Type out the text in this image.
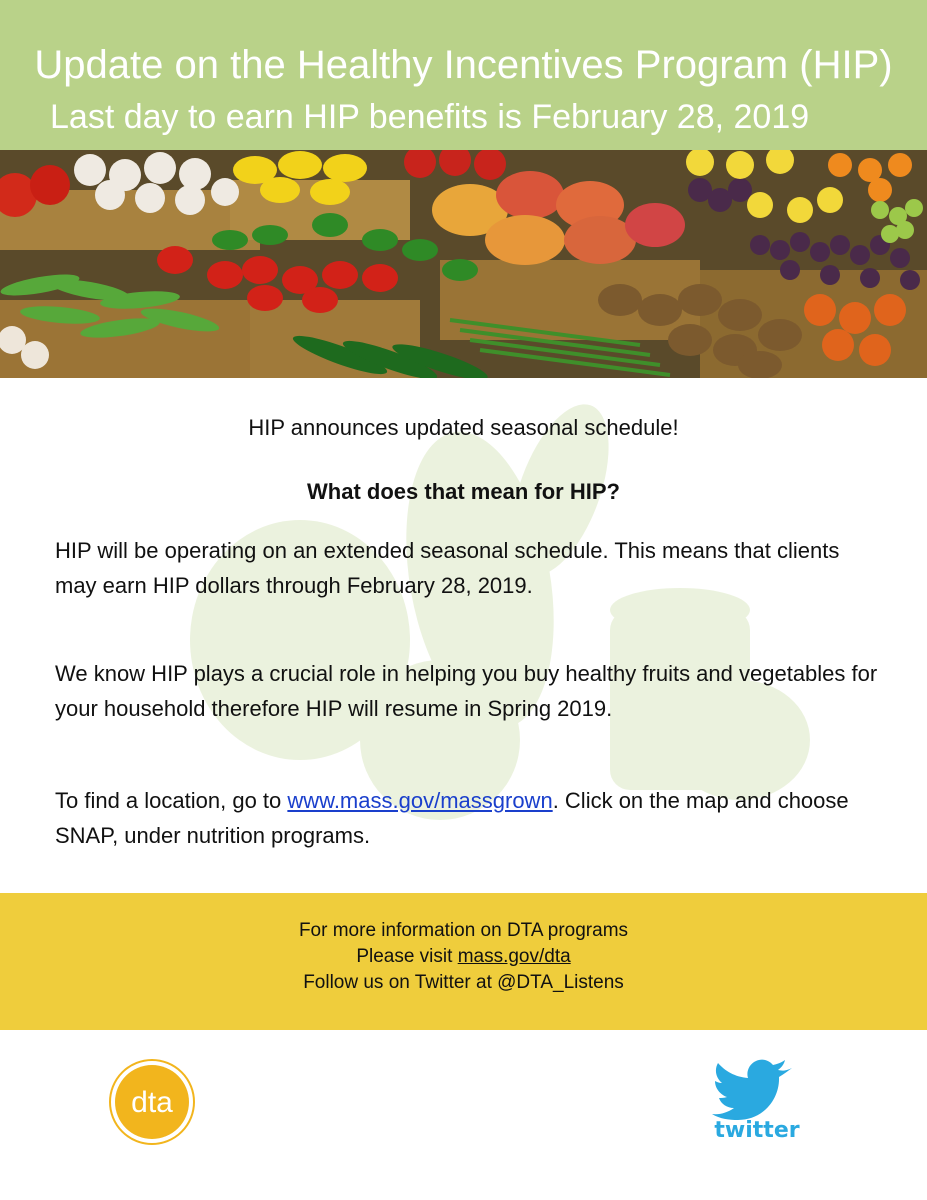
Update on the Healthy Incentives Program (HIP)
Last day to earn HIP benefits is February 28, 2019
HIP announces updated seasonal schedule!
What does that mean for HIP?
HIP will be operating on an extended seasonal schedule. This means that clients may earn HIP dollars through February 28, 2019.
We know HIP plays a crucial role in helping you buy healthy fruits and vegetables for your household therefore HIP will resume in Spring 2019.
To find a location, go to www.mass.gov/massgrown. Click on the map and choose SNAP, under nutrition programs.
For more information on DTA programs
Please visit mass.gov/dta
Follow us on Twitter at @DTA_Listens
dta
twitter
